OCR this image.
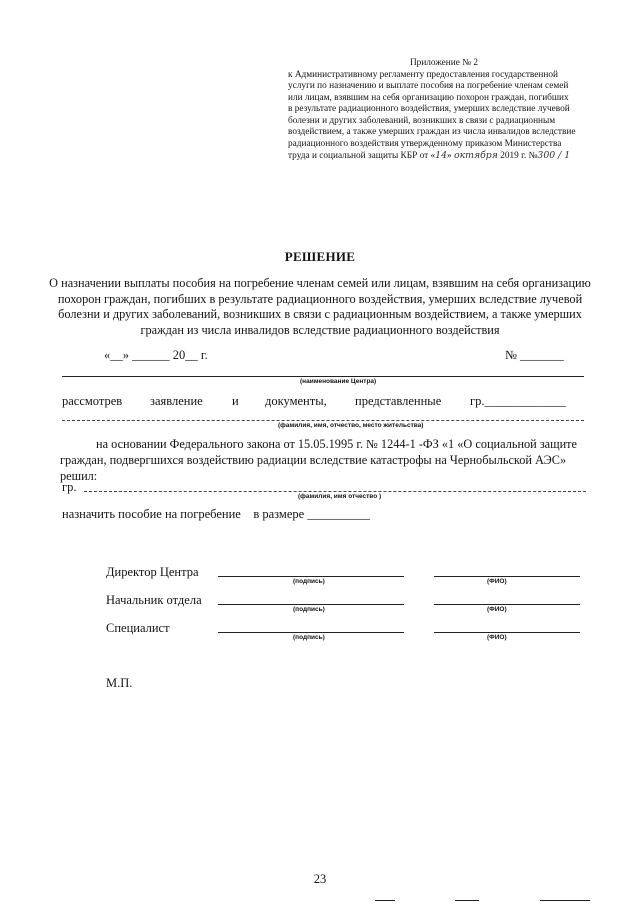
Приложение № 2
к Административному регламенту предоставления государственной
услуги по назначению и выплате пособия на погребение членам семей
или лицам, взявшим на себя организацию похорон граждан, погибших
в результате радиационного воздействия, умерших вследствие лучевой
болезни и других заболеваний, возникших в связи с радиационным
воздействием, а также умерших граждан из числа инвалидов вследствие
радиационного воздействия утвержденному приказом Министерства
труда и социальной защиты КБР от «14» октября 2019 г. №300 / 1
РЕШЕНИЕ
О назначении выплаты пособия на погребение членам семей или лицам, взявшим на себя организацию похорон граждан, погибших в результате радиационного воздействия, умерших вследствие лучевой болезни и других заболеваний, возникших в связи с радиационным воздействием, а также умерших граждан из числа инвалидов вследствие радиационного воздействия
«__» ______ 20__ г.	№ _______
(наименование Центра)
рассмотрев заявление и документы, представленные гр._____________
(фамилия, имя, отчество, место жительства)
на основании Федерального закона от 15.05.1995 г. № 1244-1 -ФЗ «1 «О социальной защите граждан, подвергшихся воздействию радиации вследствие катастрофы на Чернобыльской АЭС» решил:
гр.
(фамилия, имя отчество )
назначить пособие на погребение    в размере __________
Директор Центра
(подпись)	(ФИО)
Начальник отдела
(подпись)	(ФИО)
Специалист
(подпись)	(ФИО)
М.П.
23
